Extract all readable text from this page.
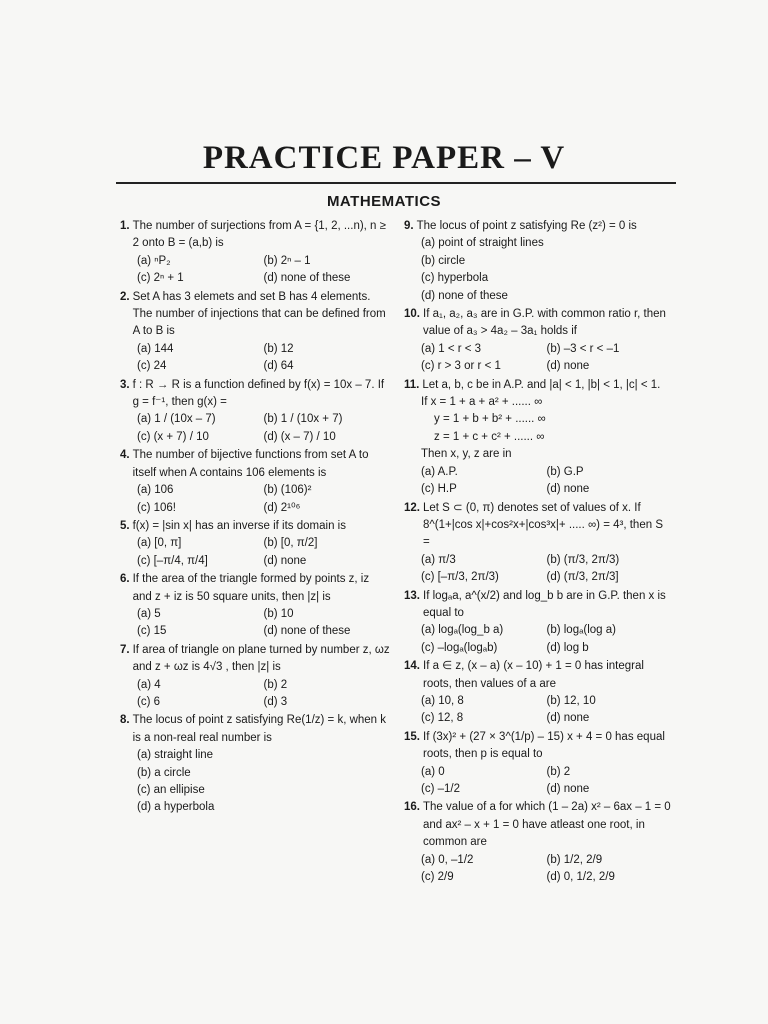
PRACTICE PAPER – V
MATHEMATICS
1. The number of surjections from A = {1, 2, ...n), n ≥ 2 onto B = (a,b) is
(a) ⁿP₂	(b) 2ⁿ – 1
(c) 2ⁿ + 1	(d) none of these
2. Set A has 3 elemets and set B has 4 elements. The number of injections that can be defined from A to B is
(a) 144	(b) 12
(c) 24	(d) 64
3. f : R → R is a function defined by f(x) = 10x – 7. If g = f⁻¹, then g(x) =
(a) 1 / (10x – 7)	(b) 1 / (10x + 7)
(c) (x + 7) / 10	(d) (x – 7) / 10
4. The number of bijective functions from set A to itself when A contains 106 elements is
(a) 106	(b) (106)²
(c) 106!	(d) 2¹⁰⁶
5. f(x) = |sin x| has an inverse if its domain is
(a) [0, π]	(b) [0, π/2]
(c) [–π/4, π/4]	(d) none
6. If the area of the triangle formed by points z, iz and z + iz is 50 square units, then |z| is
(a) 5	(b) 10
(c) 15	(d) none of these
7. If area of triangle on plane turned by number z, ωz and z + ωz is 4√3 , then |z| is
(a) 4	(b) 2
(c) 6	(d) 3
8. The locus of point z satisfying Re(1/z) = k, when k is a non-real real number is
(a) straight line
(b) a circle
(c) an ellipise
(d) a hyperbola
9. The locus of point z satisfying Re (z²) = 0 is
(a) point of straight lines
(b) circle
(c) hyperbola
(d) none of these
10. If a₁, a₂, a₃ are in G.P. with common ratio r, then value of a₃ > 4a₂ – 3a₁ holds if
(a) 1 < r < 3	(b) –3 < r < –1
(c) r > 3 or r < 1	(d) none
11. Let a, b, c be in A.P. and |a| < 1, |b| < 1, |c| < 1.
If x = 1 + a + a² + ...... ∞
y = 1 + b + b² + ...... ∞
z = 1 + c + c² + ...... ∞
Then x, y, z are in
(a) A.P.	(b) G.P
(c) H.P	(d) none
12. Let S ⊂ (0, π) denotes set of values of x. If 8^(1+|cos x|+cos²x+|cos³x|+ ..... ∞) = 4³, then S =
(a) π/3	(b) (π/3, 2π/3)
(c) [–π/3, 2π/3)	(d) (π/3, 2π/3]
13. If logₐa, a^(x/2) and log_b b are in G.P. then x is equal to
(a) logₐ(log_b a)	(b) logₐ(log a)
(c) –logₐ(logₐb)	(d) log b
14. If a ∈ z, (x – a) (x – 10) + 1 = 0 has integral roots, then values of a are
(a) 10, 8	(b) 12, 10
(c) 12, 8	(d) none
15. If (3x)² + (27 × 3^(1/p) – 15) x + 4 = 0 has equal roots, then p is equal to
(a) 0	(b) 2
(c) –1/2	(d) none
16. The value of a for which (1 – 2a) x² – 6ax – 1 = 0 and ax² – x + 1 = 0 have atleast one root, in common are
(a) 0, –1/2	(b) 1/2, 2/9
(c) 2/9	(d) 0, 1/2, 2/9
